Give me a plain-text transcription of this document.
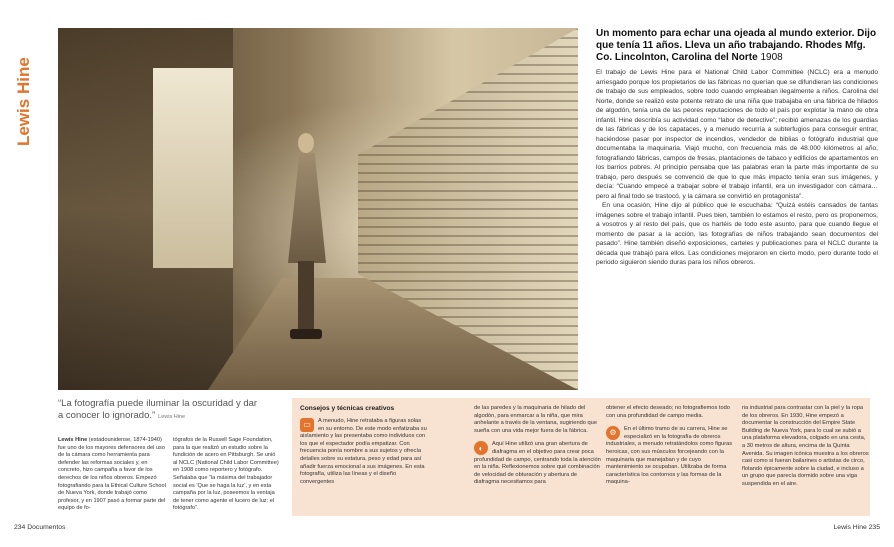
Lewis Hine
Un momento para echar una ojeada al mundo exterior. Dijo que tenía 11 años. Lleva un año trabajando. Rhodes Mfg. Co. Lincolnton, Carolina del Norte 1908

El trabajo de Lewis Hine para el National Child Labor Committee (NCLC) era a menudo arriesgado porque los propietarios de las fábricas no querían que se difundieran las condiciones de trabajo de sus empleados, sobre todo cuando empleaban ilegalmente a niños. Carolina del Norte, donde se realizó este potente retrato de una niña que trabajaba en una fábrica de hilados de algodón, tenía una de las peores reputaciones de todo el país por explotar la mano de obra infantil. Hine describía su actividad como “labor de detective”; recibió amenazas de los guardias de las fábricas y de los capataces, y a menudo recurría a subterfugios para conseguir entrar, haciéndose pasar por inspector de incendios, vendedor de biblias o fotógrafo industrial que documentaba la maquinaria. Viajó mucho, con frecuencia más de 48.000 kilómetros al año, fotografiando fábricas, campos de fresas, plantaciones de tabaco y edificios de apartamentos en los barrios pobres. Al principio pensaba que las palabras eran la parte más importante de su trabajo, pero después se convenció de que lo que más impacto tenía eran sus imágenes, y decía: “Cuando empecé a trabajar sobre el trabajo infantil, era un investigador con cámara… pero al final todo se trastocó, y la cámara se convirtió en protagonista”.

En una ocasión, Hine dijo al público que le escuchaba: “Quizá estéis cansados de tantas imágenes sobre el trabajo infantil. Pues bien, también lo estamos el resto, pero os proponemos, a vosotros y al resto del país, que os hartéis de todo este asunto, para que cuando llegue el momento de pasar a la acción, las fotografías de niños trabajando sean documentos del pasado”. Hine también diseñó exposiciones, carteles y publicaciones para el NCLC durante la década que trabajó para ellos. Las condiciones mejoraron en cierto modo, pero durante todo el periodo siguieron siendo duras para los niños obreros.

“La fotografía puede iluminar la oscuridad y dar a conocer lo ignorado.” Lewis Hine
Lewis Hine (estadounidense, 1874-1940) fue uno de los mayores defensores del uso de la cámara como herramienta para defender las reformas sociales y, en concreto, hizo campaña a favor de los derechos de los niños obreros. Empezó fotografiando para la Ethical Culture School de Nueva York, donde trabajó como profesor, y en 1907 pasó a formar parte del equipo de fo-
tógrafos de la Russell Sage Foundation, para la que realizó un estudio sobre la fundición de acero en Pittsburgh. Se unió al NCLC (National Child Labor Committee) en 1908 como reportero y fotógrafo. Señalaba que “la máxima del trabajador social es ‘Que se haga la luz’, y en esta campaña por la luz, poseemos la ventaja de tener como agente el lucero de luz: el fotógrafo”.
Consejos y técnicas creativos
▭	A menudo, Hine retrataba a figuras solas en su entorno. De este modo enfatizaba su aislamiento y las presentaba como individuos con los que el espectador podía empatizar. Con frecuencia ponía nombre a sus sujetos y ofrecía detalles sobre su estatura, peso y edad para así añadir fuerza emocional a sus imágenes. En esta fotografía, utiliza las líneas y el diseño convergentes
de las paredes y la maquinaria de hilado del algodón, para enmarcar a la niña, que mira anhelante a través de la ventana, sugiriendo que sueña con una vida mejor fuera de la fábrica.
◐	Aquí Hine utilizó una gran abertura de diafragma en el objetivo para crear poca profundidad de campo, centrando toda la atención en la niña. Reflexionemos sobre qué combinación de velocidad de obturación y abertura de diafragma necesitamos para
obtener el efecto deseado; no fotografiemos todo con una profundidad de campo media.
⚙	En el último tramo de su carrera, Hine se especializó en la fotografía de obreros industriales, a menudo retratándolos como figuras heroicas, con sus músculos forcejeando con la maquinaria que manejaban y de cuyo mantenimiento se ocupaban. Utilizaba de forma característica los contornos y las formas de la maquina-
ria industrial para contrastar con la piel y la ropa de los obreros. En 1930, Hine empezó a documentar la construcción del Empire State Building de Nueva York, para lo cual se subió a una plataforma elevadora, colgado en una cesta, a 30 metros de altura, encima de la Quinta Avenida. Su imagen icónica muestra a los obreros casi como si fueran bailarines o artistas de circo, flotando épicamente sobre la ciudad, e incluso a un grupo que parecía dormido sobre una viga suspendida en el aire.
234 Documentos	Lewis Hine 235
